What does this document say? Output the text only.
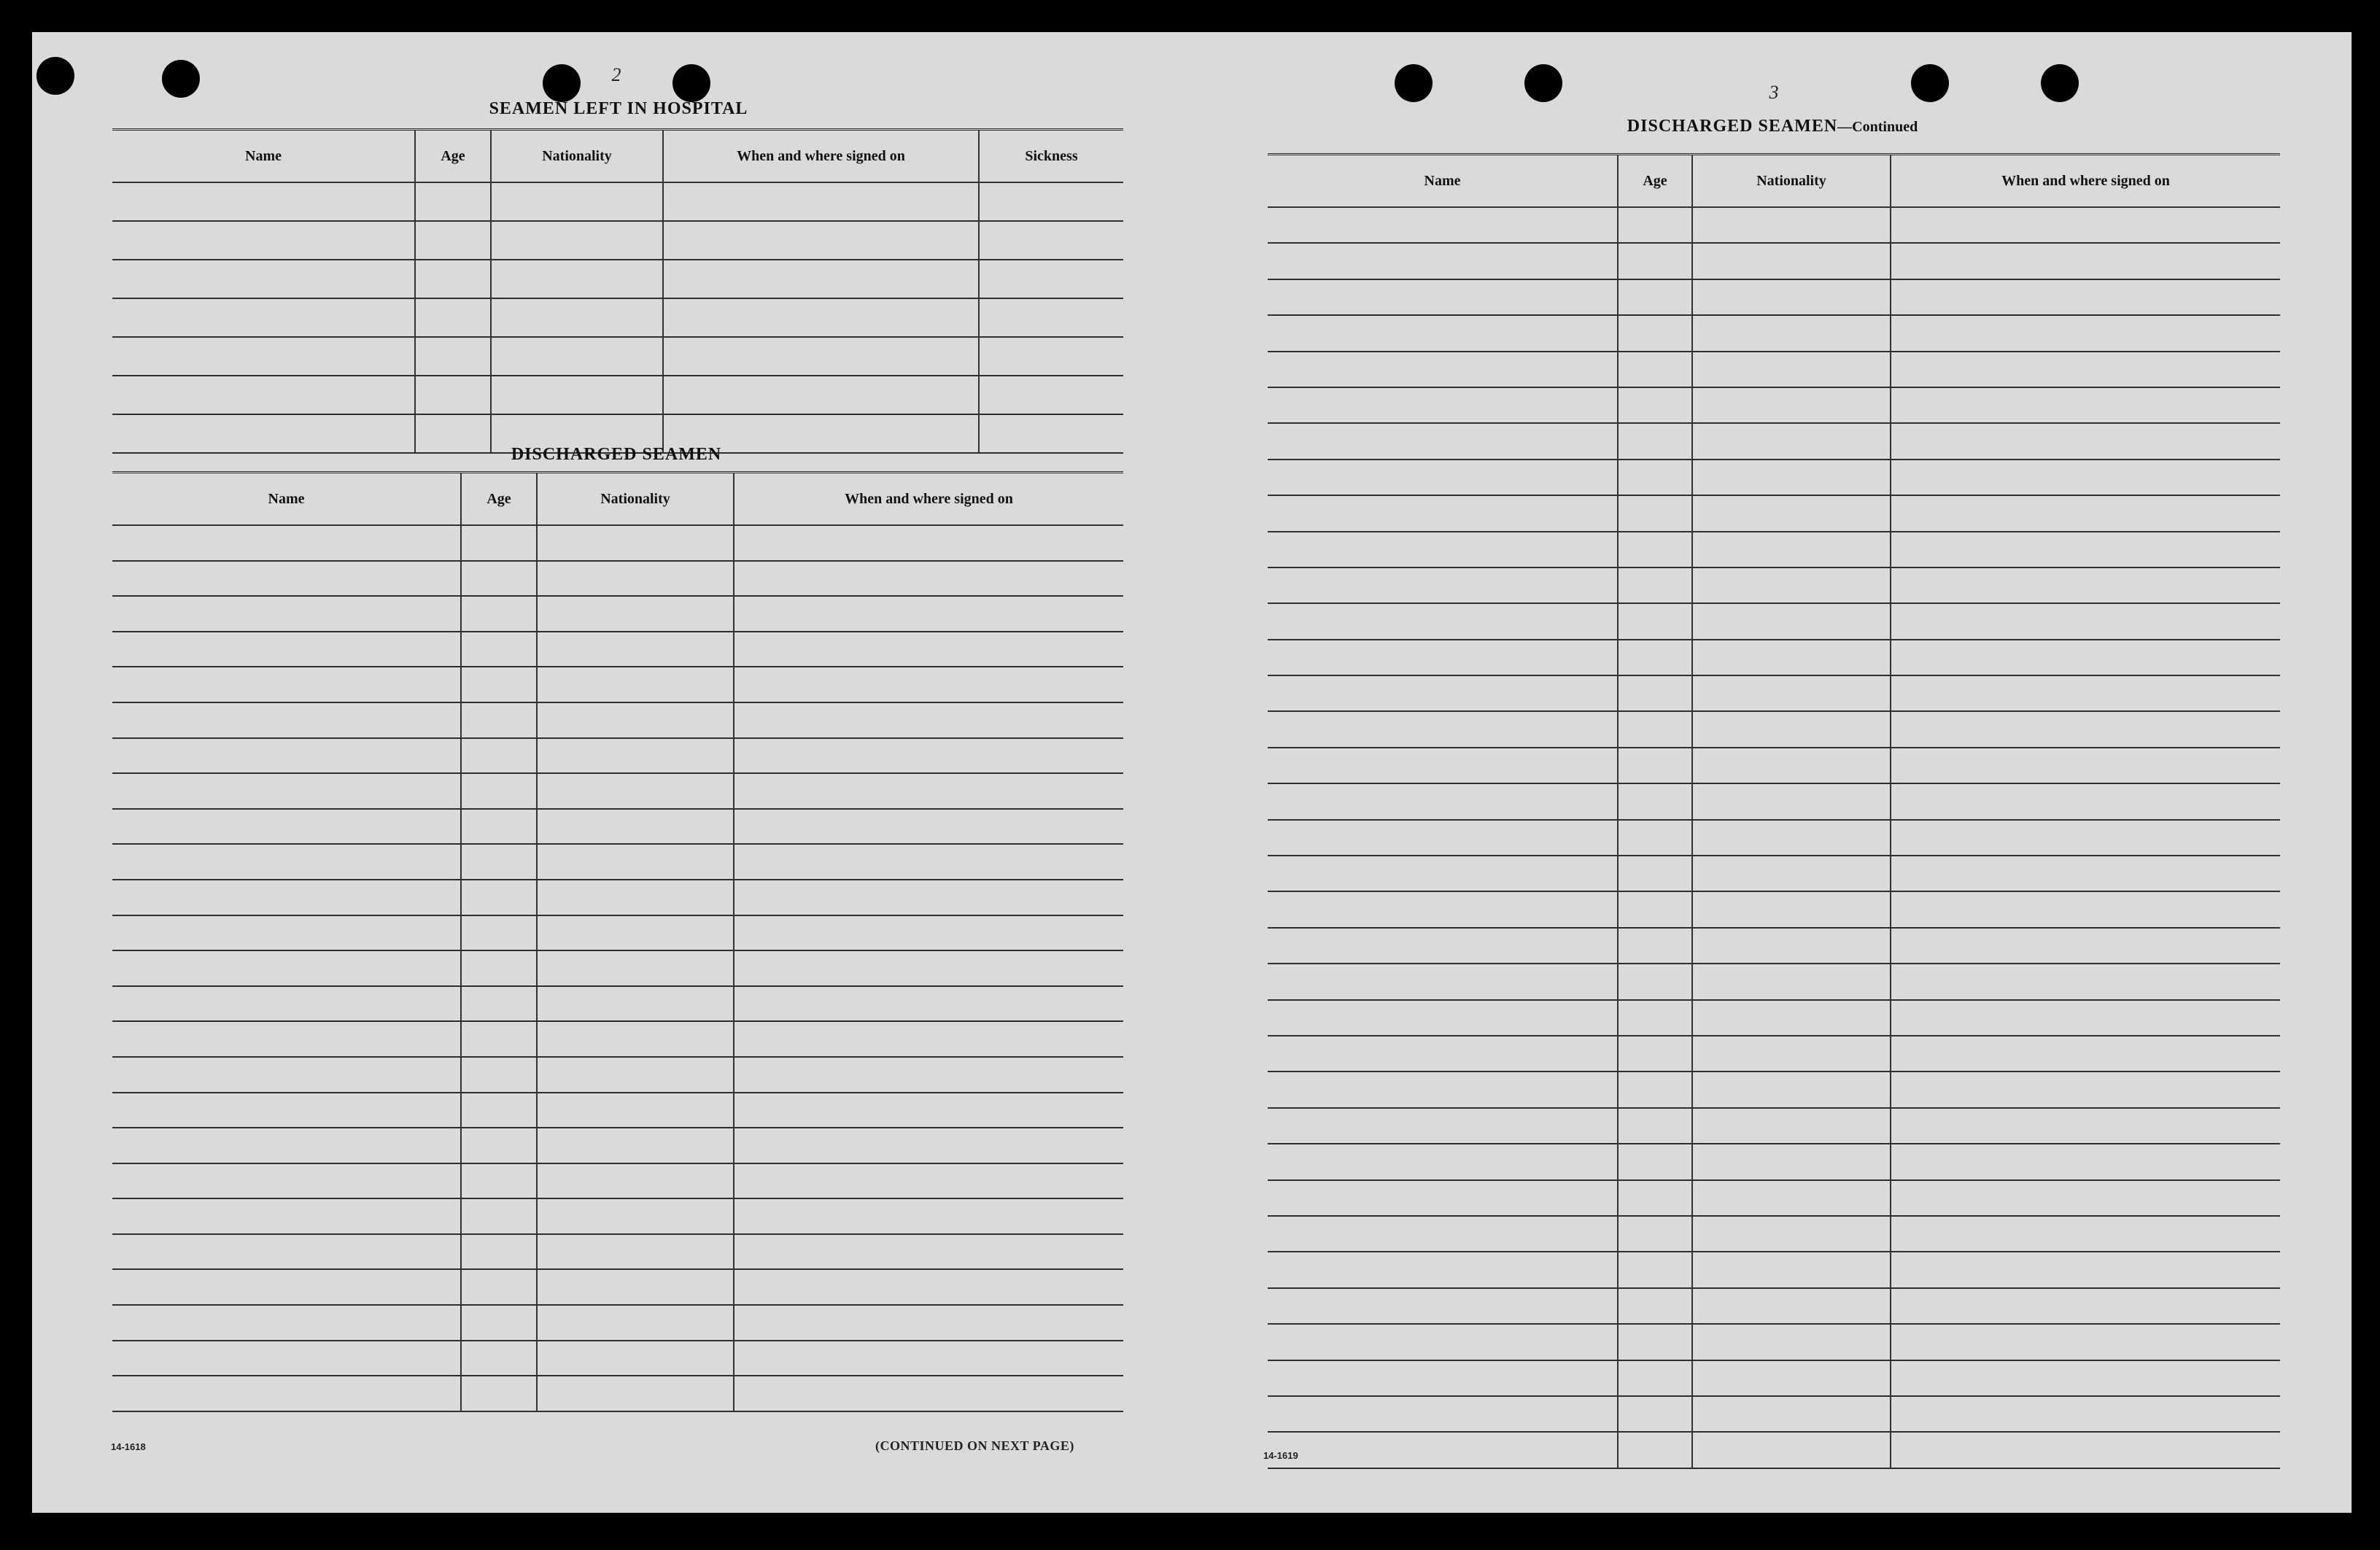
2
SEAMEN LEFT IN HOSPITAL
Name	Age	Nationality	When and where signed on	Sickness

DISCHARGED SEAMEN
Name	Age	Nationality	When and where signed on

14-1618	(CONTINUED ON NEXT PAGE)
3
DISCHARGED SEAMEN—Continued
Name	Age	Nationality	When and where signed on

14-1619
